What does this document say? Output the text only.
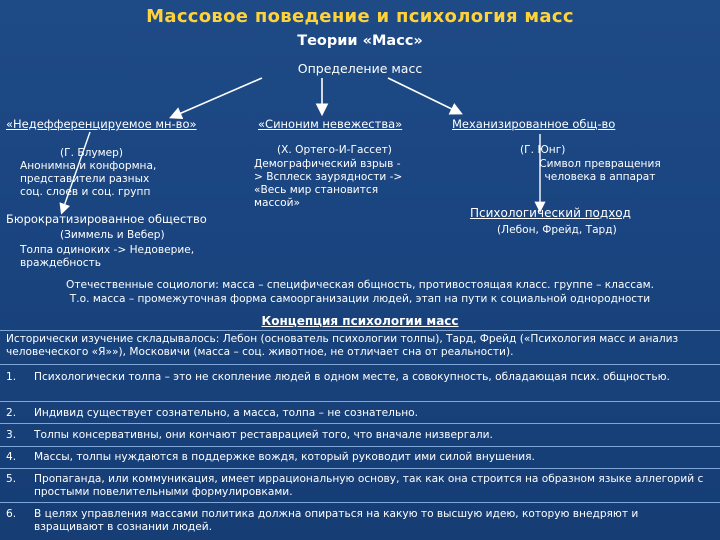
Массовое поведение и психология масс
Теории «Масс»
Определение масс
«Недефференцируемое мн-во»
(Г. Блумер)
Анонимна и конформна,
представители разных
соц. слоев и соц. групп
Бюрократизированное общество
(Зиммель и Вебер)
Толпа одиноких -> Недоверие,
враждебность
«Синоним невежества»
(Х. Ортего-И-Гассет)
Демографический взрыв -
> Всплеск заурядности ->
«Весь мир становится
массой»
Механизированное общ-во
(Г. Юнг)
Символ превращения
человека в аппарат
Психологический подход
(Лебон, Фрейд, Тард)
Отечественные социологи: масса – специфическая общность, противостоящая класс. группе – классам.
Т.о. масса – промежуточная форма самоорганизации людей, этап на пути к социальной однородности
Концепция психологии масс
Исторически изучение складывалось: Лебон (основатель психологии толпы), Тард, Фрейд («Психология масс и анализ человеческого «Я»»), Московичи (масса – соц. животное, не отличает сна от реальности).
1. Психологически толпа – это не скопление людей в одном месте, а совокупность, обладающая псих. общностью.
2. Индивид существует сознательно, а масса, толпа – не сознательно.
3. Толпы консервативны, они кончают реставрацией того, что вначале низвергали.
4. Массы, толпы нуждаются в поддержке вождя, который руководит ими силой внушения.
5. Пропаганда, или коммуникация, имеет иррациональную основу, так как она строится на образном языке аллегорий с простыми повелительными формулировками.
6. В целях управления массами политика должна опираться на какую то высшую идею, которую внедряют и взращивают в сознании людей.
